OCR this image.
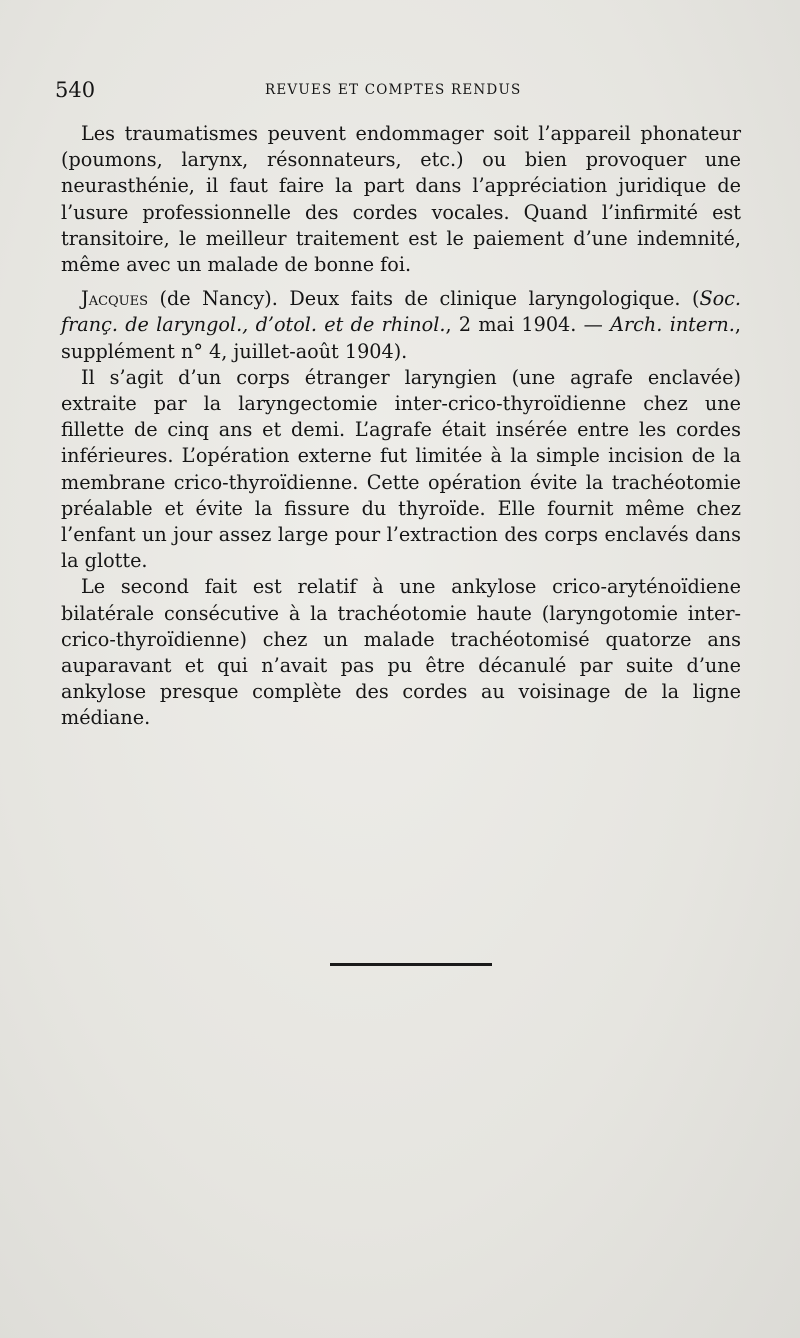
540	REVUES ET COMPTES RENDUS

Les traumatismes peuvent endommager soit l’appareil phonateur (poumons, larynx, résonnateurs, etc.) ou bien provoquer une neurasthénie, il faut faire la part dans l’appréciation juridique de l’usure professionnelle des cordes vocales. Quand l’infirmité est transitoire, le meilleur traitement est le paiement d’une indemnité, même avec un malade de bonne foi.

Jacques (de Nancy). Deux faits de clinique laryngologique. (Soc. franç. de laryngol., d’otol. et de rhinol., 2 mai 1904. — Arch. intern., supplément n° 4, juillet-août 1904).

Il s’agit d’un corps étranger laryngien (une agrafe enclavée) extraite par la laryngectomie inter-crico-thyroïdienne chez une fillette de cinq ans et demi. L’agrafe était insérée entre les cordes inférieures. L’opération externe fut limitée à la simple incision de la membrane crico-thyroïdienne. Cette opération évite la trachéotomie préalable et évite la fissure du thyroïde. Elle fournit même chez l’enfant un jour assez large pour l’extraction des corps enclavés dans la glotte.

Le second fait est relatif à une ankylose crico-aryténoïdiene bilatérale consécutive à la trachéotomie haute (laryngotomie inter-crico-thyroïdienne) chez un malade trachéotomisé quatorze ans auparavant et qui n’avait pas pu être décanulé par suite d’une ankylose presque complète des cordes au voisinage de la ligne médiane.
